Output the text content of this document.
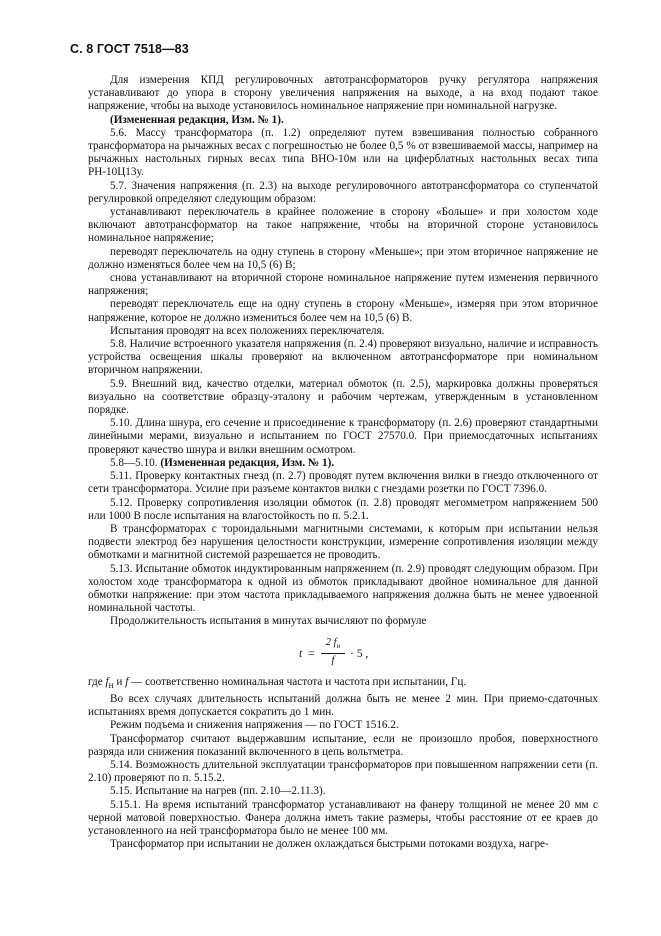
С. 8 ГОСТ 7518—83

Для измерения КПД регулировочных автотрансформаторов ручку регулятора напряжения устанавливают до упора в сторону увеличения напряжения на выходе, а на вход подают такое напряжение, чтобы на выходе установилось номинальное напряжение при номинальной нагрузке.

(Измененная редакция, Изм. № 1).

5.6. Массу трансформатора (п. 1.2) определяют путем взвешивания полностью собранного трансформатора на рычажных весах с погрешностью не более 0,5 % от взвешиваемой массы, например на рычажных настольных гирных весах типа ВНО-10м или на циферблатных настольных весах типа РН-10Ц13у.

5.7. Значения напряжения (п. 2.3) на выходе регулировочного автотрансформатора со ступенчатой регулировкой определяют следующим образом:

устанавливают переключатель в крайнее положение в сторону «Больше» и при холостом ходе включают автотрансформатор на такое напряжение, чтобы на вторичной стороне установилось номинальное напряжение;

переводят переключатель на одну ступень в сторону «Меньше»; при этом вторичное напряжение не должно изменяться более чем на 10,5 (6) В;

снова устанавливают на вторичной стороне номинальное напряжение путем изменения первичного напряжения;

переводят переключатель еще на одну ступень в сторону «Меньше», измеряя при этом вторичное напряжение, которое не должно измениться более чем на 10,5 (6) В.

Испытания проводят на всех положениях переключателя.

5.8. Наличие встроенного указателя напряжения (п. 2.4) проверяют визуально, наличие и исправность устройства освещения шкалы проверяют на включенном автотрансформаторе при номинальном вторичном напряжении.

5.9. Внешний вид, качество отделки, материал обмоток (п. 2.5), маркировка должны проверяться визуально на соответствие образцу-эталону и рабочим чертежам, утвержденным в установленном порядке.

5.10. Длина шнура, его сечение и присоединение к трансформатору (п. 2.6) проверяют стандартными линейными мерами, визуально и испытанием по ГОСТ 27570.0. При приемосдаточных испытаниях проверяют качество шнура и вилки внешним осмотром.

5.8—5.10. (Измененная редакция, Изм. № 1).

5.11. Проверку контактных гнезд (п. 2.7) проводят путем включения вилки в гнездо отключенного от сети трансформатора. Усилие при разъеме контактов вилки с гнездами розетки по ГОСТ 7396.0.

5.12. Проверку сопротивления изоляции обмоток (п. 2.8) проводят мегомметром напряжением 500 или 1000 В после испытания на влагостойкость по п. 5.2.1.

В трансформаторах с тороидальными магнитными системами, к которым при испытании нельзя подвести электрод без нарушения целостности конструкции, измерение сопротивления изоляции между обмотками и магнитной системой разрешается не проводить.

5.13. Испытание обмоток индуктированным напряжением (п. 2.9) проводят следующим образом. При холостом ходе трансформатора к одной из обмоток прикладывают двойное номинальное для данной обмотки напряжение: при этом частота прикладываемого напряжения должна быть не менее удвоенной номинальной частоты.

Продолжительность испытания в минутах вычисляют по формуле

t =
2 $f_н$
f
· 5 ,

где $f_н$ и f — соответственно номинальная частота и частота при испытании, Гц.

Во всех случаях длительность испытаний должна быть не менее 2 мин. При приемо-сдаточных испытаниях время допускается сократить до 1 мин.

Режим подъема и снижения напряжения — по ГОСТ 1516.2.

Трансформатор считают выдержавшим испытание, если не произошло пробоя, поверхностного разряда или снижения показаний включенного в цепь вольтметра.

5.14. Возможность длительной эксплуатации трансформаторов при повышенном напряжении сети (п. 2.10) проверяют по п. 5.15.2.

5.15. Испытание на нагрев (пп. 2.10—2.11.3).

5.15.1. На время испытаний трансформатор устанавливают на фанеру толщиной не менее 20 мм с черной матовой поверхностью. Фанера должна иметь такие размеры, чтобы расстояние от ее краев до установленного на ней трансформатора было не менее 100 мм.

Трансформатор при испытании не должен охлаждаться быстрыми потоками воздуха, нагре-
